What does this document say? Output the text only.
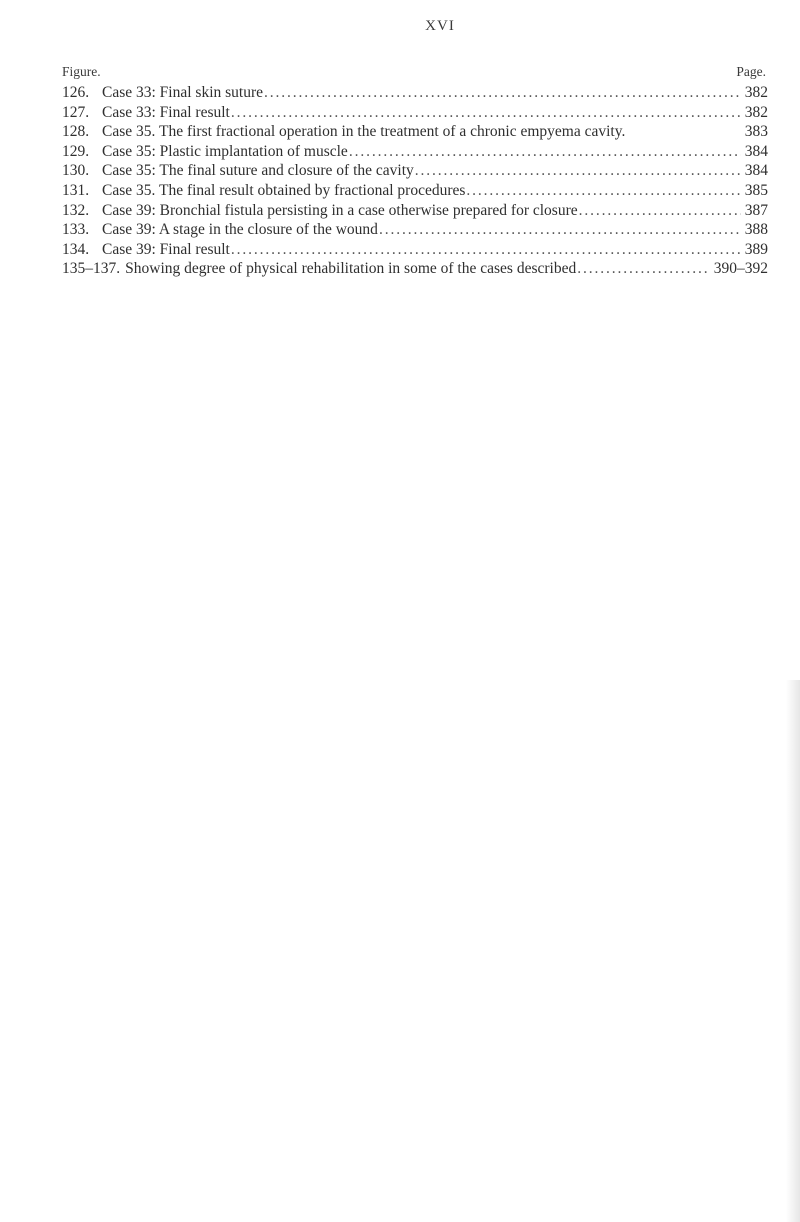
XVI
Figure.	Page.
126. Case 33: Final skin suture . . .	382
127. Case 33: Final result . . .	382
128. Case 35. The first fractional operation in the treatment of a chronic empyema cavity.	383
129. Case 35: Plastic implantation of muscle . . .	384
130. Case 35: The final suture and closure of the cavity . . .	384
131. Case 35. The final result obtained by fractional procedures . . .	385
132. Case 39: Bronchial fistula persisting in a case otherwise prepared for closure . . .	387
133. Case 39: A stage in the closure of the wound . . .	388
134. Case 39: Final result . . .	389
135–137. Showing degree of physical rehabilitation in some of the cases described . . .	390–392
